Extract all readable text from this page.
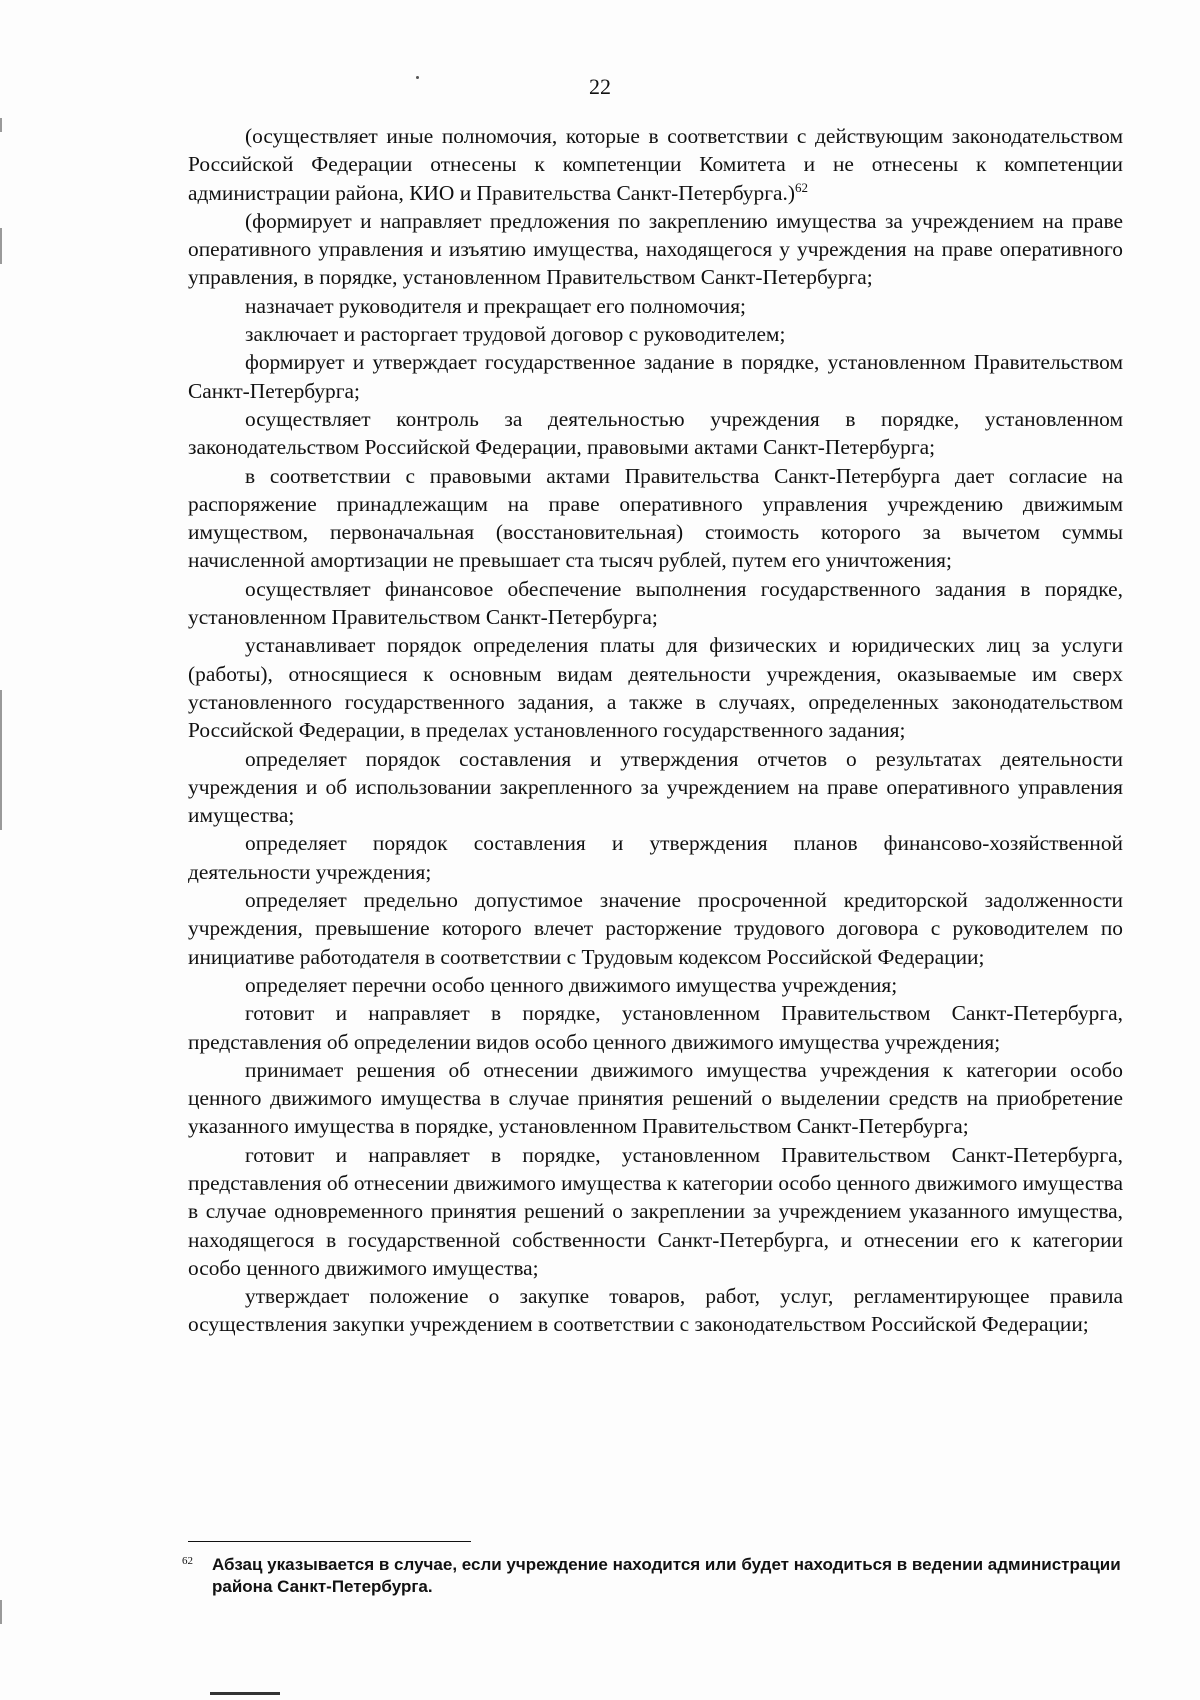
22

(осуществляет иные полномочия, которые в соответствии с действующим законодательством Российской Федерации отнесены к компетенции Комитета и не отнесены к компетенции администрации района, КИО и Правительства Санкт-Петербурга.)$^{62}$

(формирует и направляет предложения по закреплению имущества за учреждением на праве оперативного управления и изъятию имущества, находящегося у учреждения на праве оперативного управления, в порядке, установленном Правительством Санкт-Петербурга;

назначает руководителя и прекращает его полномочия;

заключает и расторгает трудовой договор с руководителем;

формирует и утверждает государственное задание в порядке, установленном Правительством Санкт-Петербурга;

осуществляет контроль за деятельностью учреждения в порядке, установленном законодательством Российской Федерации, правовыми актами Санкт-Петербурга;

в соответствии с правовыми актами Правительства Санкт-Петербурга дает согласие на распоряжение принадлежащим на праве оперативного управления учреждению движимым имуществом, первоначальная (восстановительная) стоимость которого за вычетом суммы начисленной амортизации не превышает ста тысяч рублей, путем его уничтожения;

осуществляет финансовое обеспечение выполнения государственного задания в порядке, установленном Правительством Санкт-Петербурга;

устанавливает порядок определения платы для физических и юридических лиц за услуги (работы), относящиеся к основным видам деятельности учреждения, оказываемые им сверх установленного государственного задания, а также в случаях, определенных законодательством Российской Федерации, в пределах установленного государственного задания;

определяет порядок составления и утверждения отчетов о результатах деятельности учреждения и об использовании закрепленного за учреждением на праве оперативного управления имущества;

определяет порядок составления и утверждения планов финансово-хозяйственной деятельности учреждения;

определяет предельно допустимое значение просроченной кредиторской задолженности учреждения, превышение которого влечет расторжение трудового договора с руководителем по инициативе работодателя в соответствии с Трудовым кодексом Российской Федерации;

определяет перечни особо ценного движимого имущества учреждения;

готовит и направляет в порядке, установленном Правительством Санкт-Петербурга, представления об определении видов особо ценного движимого имущества учреждения;

принимает решения об отнесении движимого имущества учреждения к категории особо ценного движимого имущества в случае принятия решений о выделении средств на приобретение указанного имущества в порядке, установленном Правительством Санкт-Петербурга;

готовит и направляет в порядке, установленном Правительством Санкт-Петербурга, представления об отнесении движимого имущества к категории особо ценного движимого имущества в случае одновременного принятия решений о закреплении за учреждением указанного имущества, находящегося в государственной собственности Санкт-Петербурга, и отнесении его к категории особо ценного движимого имущества;

утверждает положение о закупке товаров, работ, услуг, регламентирующее правила осуществления закупки учреждением в соответствии с законодательством Российской Федерации;

62	Абзац указывается в случае, если учреждение находится или будет находиться в ведении администрации района Санкт-Петербурга.
